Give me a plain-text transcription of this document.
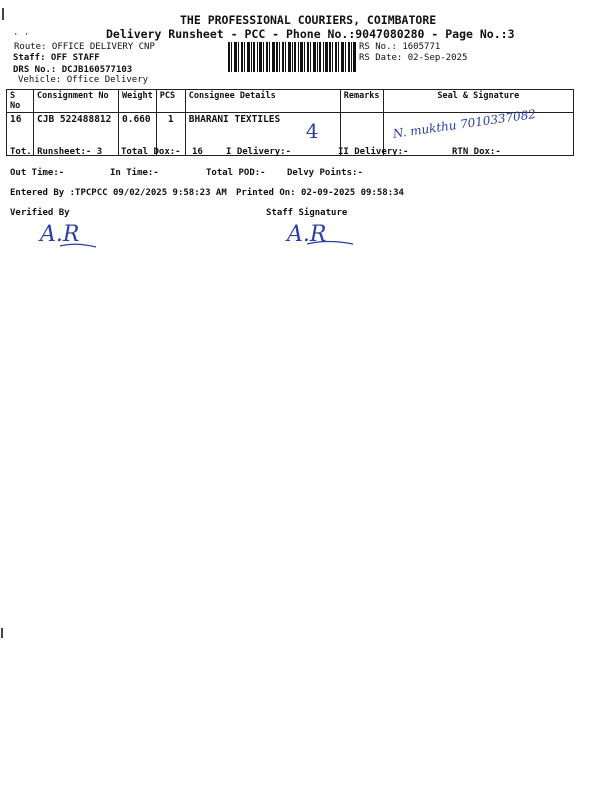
THE PROFESSIONAL COURIERS, COIMBATORE
Delivery Runsheet - PCC - Phone No.:9047080280 - Page No.:3
· ·
Route: OFFICE DELIVERY CNP
Staff: OFF STAFF
DRS No.: DCJB160577103
Vehicle: Office Delivery
RS No.: 1605771
RS Date: 02-Sep-2025
S No	Consignment No	Weight	PCS	Consignee Details	Remarks	Seal & Signature
16	CJB 522488812	0.660	1	BHARANI TEXTILES 4		N. mukthu 7010337082
Tot. Runsheet:- 3 Total Dox:- 16	I Delivery:-	II Delivery:-	RTN Dox:-
Out Time:-	In Time:-	Total POD:- Delvy Points:-
Entered By :TPCPCC 09/02/2025 9:58:23 AM Printed On: 02-09-2025 09:58:34
Verified By	Staff Signature
A.R	A.R
